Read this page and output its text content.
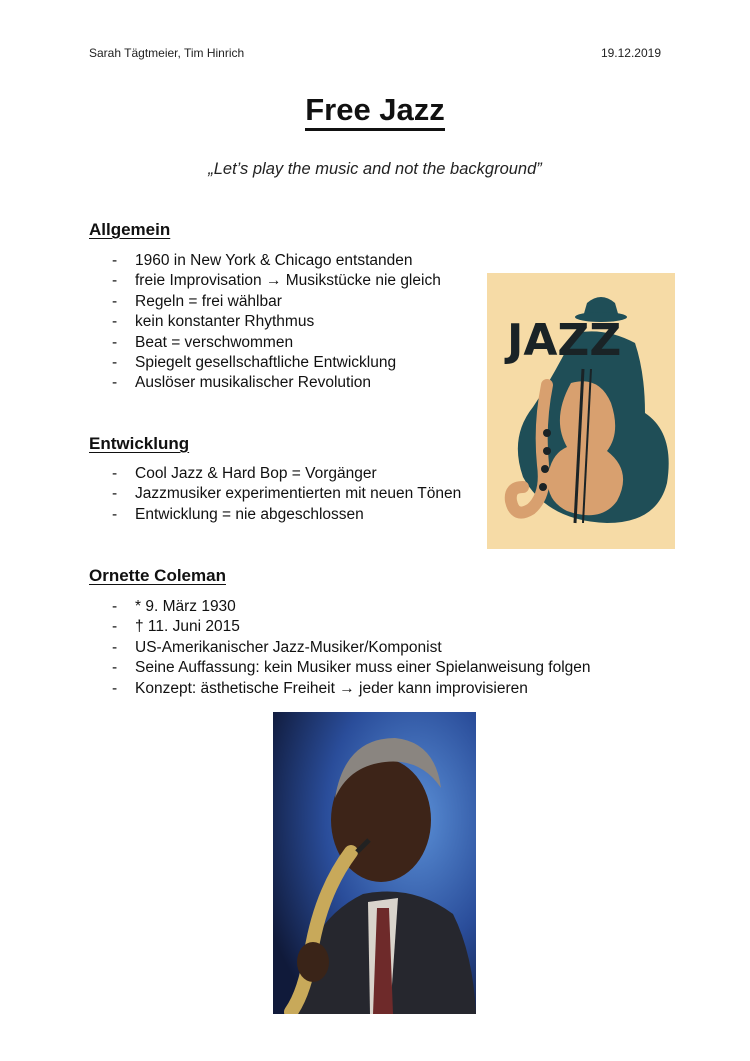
Sarah Tägtmeier, Tim Hinrich	19.12.2019
Free Jazz
„Let’s play the music and not the background”
Allgemein
- 1960 in New York & Chicago entstanden
- freie Improvisation → Musikstücke nie gleich
- Regeln = frei wählbar
- kein konstanter Rhythmus
- Beat = verschwommen
- Spiegelt gesellschaftliche Entwicklung
- Auslöser musikalischer Revolution
Entwicklung
- Cool Jazz & Hard Bop = Vorgänger
- Jazzmusiker experimentierten mit neuen Tönen
- Entwicklung = nie abgeschlossen
Ornette Coleman
- * 9. März 1930
- † 11. Juni 2015
- US-Amerikanischer Jazz-Musiker/Komponist
- Seine Auffassung: kein Musiker muss einer Spielanweisung folgen
- Konzept: ästhetische Freiheit → jeder kann improvisieren
JAZZ
